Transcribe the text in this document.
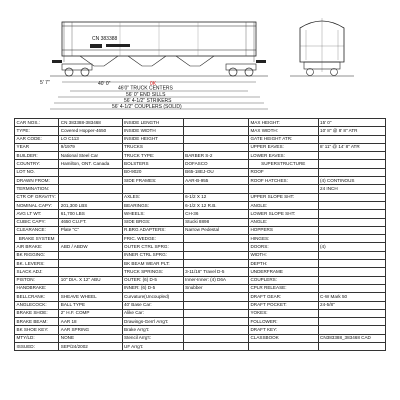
CN 383388
0K
40' 0"
5' 7"
46'0" TRUCK CENTERS
56' 0" END SILLS
56' 4-1/2" STRIKERS
56' 4-1/2" COUPLERS (SOLID)
CAR NOS.:	CN 383388-383468	INSIDE LENGTH		MAX HEIGHT:	15' 0"
TYPE:	Covered Hopper-4650	INSIDE WIDTH		MAX WIDTH:	10' 8" @ 8' 8" ATR
AAR CODE:	LO C113	INSIDE HEIGHT		GATE HEIGHT ATR:	
YEAR	9/1979	TRUCKS		UPPER EAVES:	8' 11" @ 14' 8" ATR
BUILDER:	National Steel Car	TRUCK TYPE:	BARBER S-2	LOWER EAVES:	
COUNTRY:	Hamilton, ONT. Canada	BOLSTERS	DOFASCO	SUPERSTRUCTURE	
LOT NO.		B0-9020	B65-18EJ-OU	ROOF	
DRAWN FROM:		SIDE FRAMES:	AAR-B-955	ROOF HATCHES:	(4) CONTINOUS
TERMINATION:					24 INCH
CTR OF GRAVITY:		AXLES:	6-1/2 X 12	UPPER SLOPE SHT:	
NOMINAL CAPY:	201,300 LBS	BEARINGS:	6-1/2 X 12 R.B.	ANGLE:	
AVG LT WT:	61,700 LBS	WHEELS:	CH-36	LOWER SLOPE SHT:	
CUBIC CAPY:	4650 CU.FT.	SIDE BRGS:	Stucki 8898	ANGLE:	
CLEARANCE:	Plate "C"	R.BRG ADAPTERS:	Narrow Pedestal	HOPPERS	
BRAKE SYSTEM		FRIC. WEDGE:		HINGES:	
AIR BRAKE:	ABD / ABDW	OUTER CTRL SPRG:		DOORS:	(4)
BK RIGGING:		INNER CTRL SPRG:		WIDTH:	
BK. LEVERS:		BK BEAM WEAR PLT:		DEPTH:	
SLACK ADJ:		TRUCK SPRINGS:	3-11/16" Travel D-5	UNDERFRAME	
PISTON:	10" DIA. X 12" ABU	OUTER: (6) D-5	Inner-Inner: (4) D6A	COUPLERS:	
HANDBRAKE:		INNER: (6) D-5	Snubber	CPLR RELEASE:	
BELLCRANK:	SHEAVE WHEEL	Curvature(Uncoupled)		DRAFT GEAR:	C-W Mark 50
ANGLECOCK:	BALL TYPE	40' Base Car:		DRAFT POCKET:	24-5/8"
BRAKE SHOE:	2" H.F. COMP	Alike Car:		YOKES:	
BRAKE BEAM:	AAR 18	Drawings-Gen'l Arrg't:		FOLLOWER:	
BK SHOE KEY:	AAR SPRING	Brake Arrg't:		DRAFT KEY:	
MTY/LD:	NONE	Stencil Arrg't:		CLASSBOOK	CN383388_383468 CAD
ISSUED:	SEP/24/2002	UF Arrg't:			
